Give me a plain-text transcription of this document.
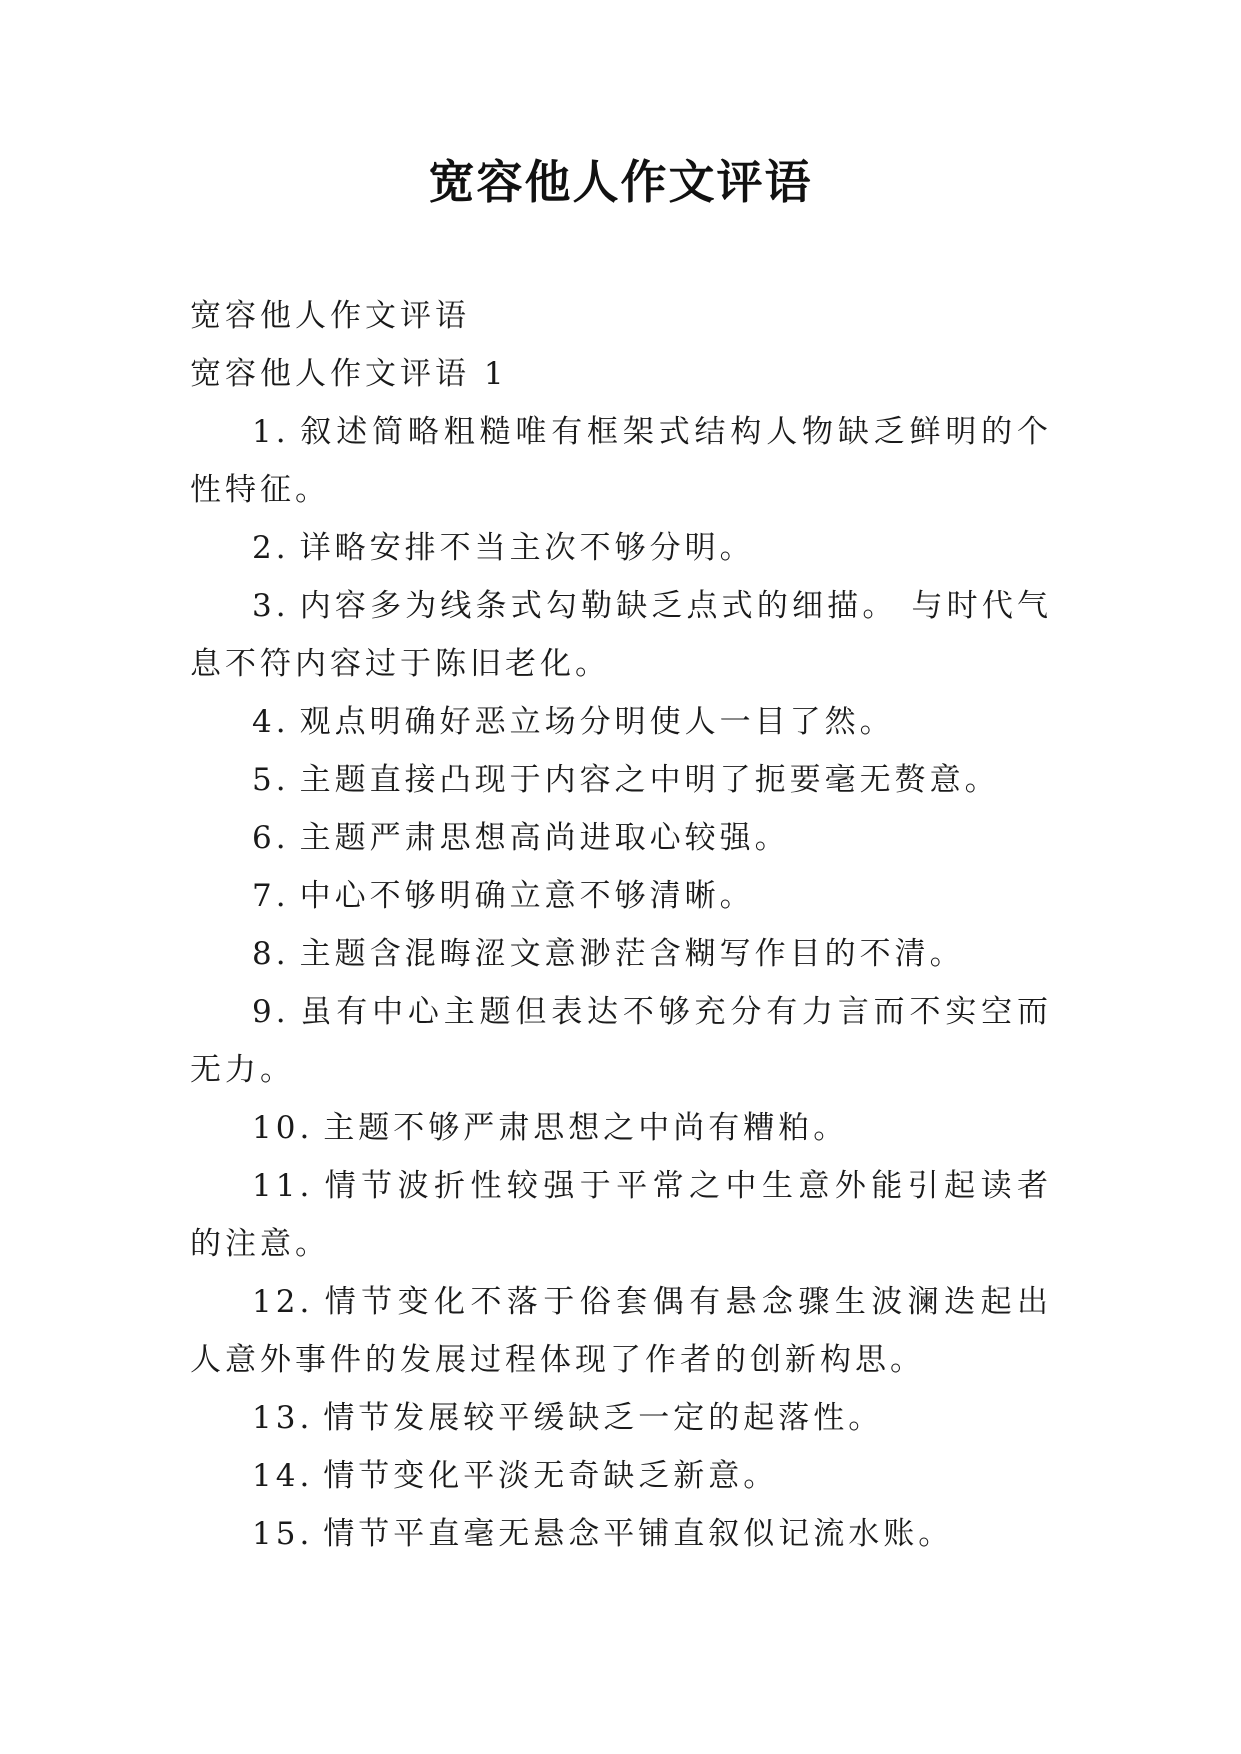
宽容他人作文评语

宽容他人作文评语

宽容他人作文评语 1

1. 叙述简略粗糙唯有框架式结构人物缺乏鲜明的个性特征。

2. 详略安排不当主次不够分明。

3. 内容多为线条式勾勒缺乏点式的细描。 与时代气息不符内容过于陈旧老化。

4. 观点明确好恶立场分明使人一目了然。

5. 主题直接凸现于内容之中明了扼要毫无赘意。

6. 主题严肃思想高尚进取心较强。

7. 中心不够明确立意不够清晰。

8. 主题含混晦涩文意渺茫含糊写作目的不清。

9. 虽有中心主题但表达不够充分有力言而不实空而无力。

10. 主题不够严肃思想之中尚有糟粕。

11. 情节波折性较强于平常之中生意外能引起读者的注意。

12. 情节变化不落于俗套偶有悬念骤生波澜迭起出人意外事件的发展过程体现了作者的创新构思。

13. 情节发展较平缓缺乏一定的起落性。

14. 情节变化平淡无奇缺乏新意。

15. 情节平直毫无悬念平铺直叙似记流水账。
